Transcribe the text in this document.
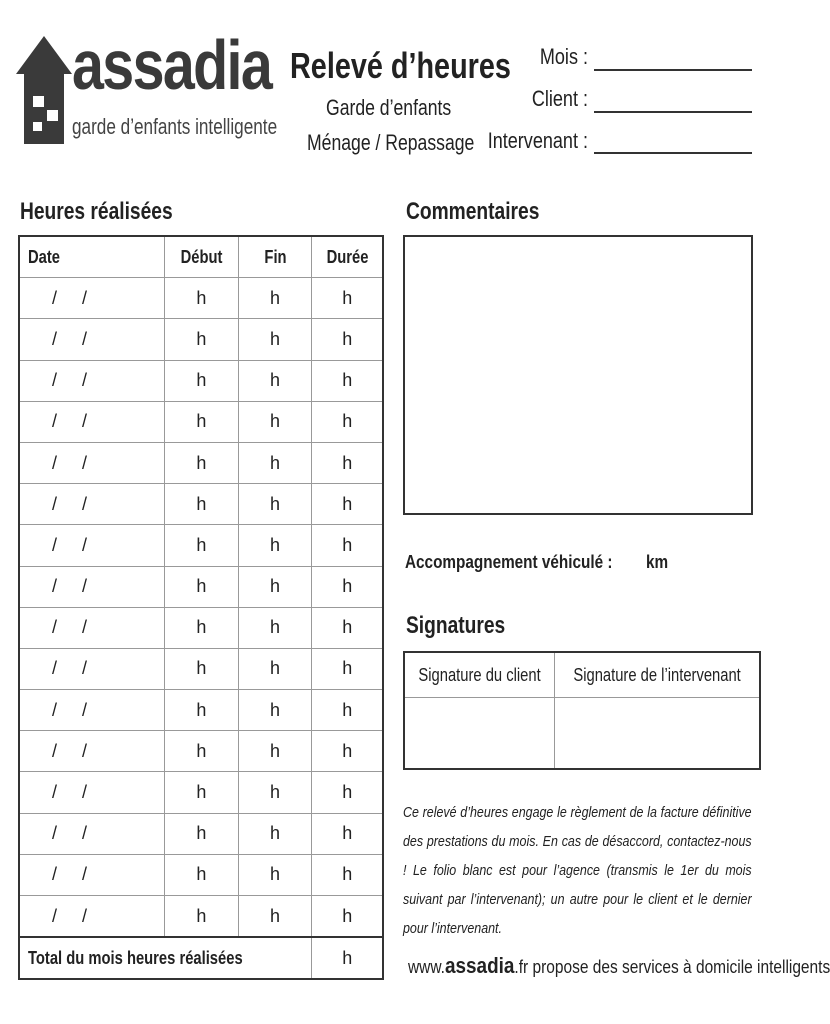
assadia
garde d’enfants intelligente
Relevé d’heures
Garde d’enfants
Ménage / Repassage
Mois :
Client :
Intervenant :
Heures réalisées
Date	Début	Fin	Durée
/ /	h	h	h
/ /	h	h	h
/ /	h	h	h
/ /	h	h	h
/ /	h	h	h
/ /	h	h	h
/ /	h	h	h
/ /	h	h	h
/ /	h	h	h
/ /	h	h	h
/ /	h	h	h
/ /	h	h	h
/ /	h	h	h
/ /	h	h	h
/ /	h	h	h
/ /	h	h	h
Total du mois heures réalisées			h
Commentaires
Accompagnement véhiculé : km
Signatures
Signature du client	Signature de l’intervenant

Ce relevé d’heures engage le règlement de la facture définitive des prestations du mois. En cas de désaccord, contactez-nous ! Le folio blanc est pour l’agence (transmis le 1er du mois suivant par l’intervenant); un autre pour le client et le dernier pour l’intervenant.
www.assadia.fr propose des services à domicile intelligents
